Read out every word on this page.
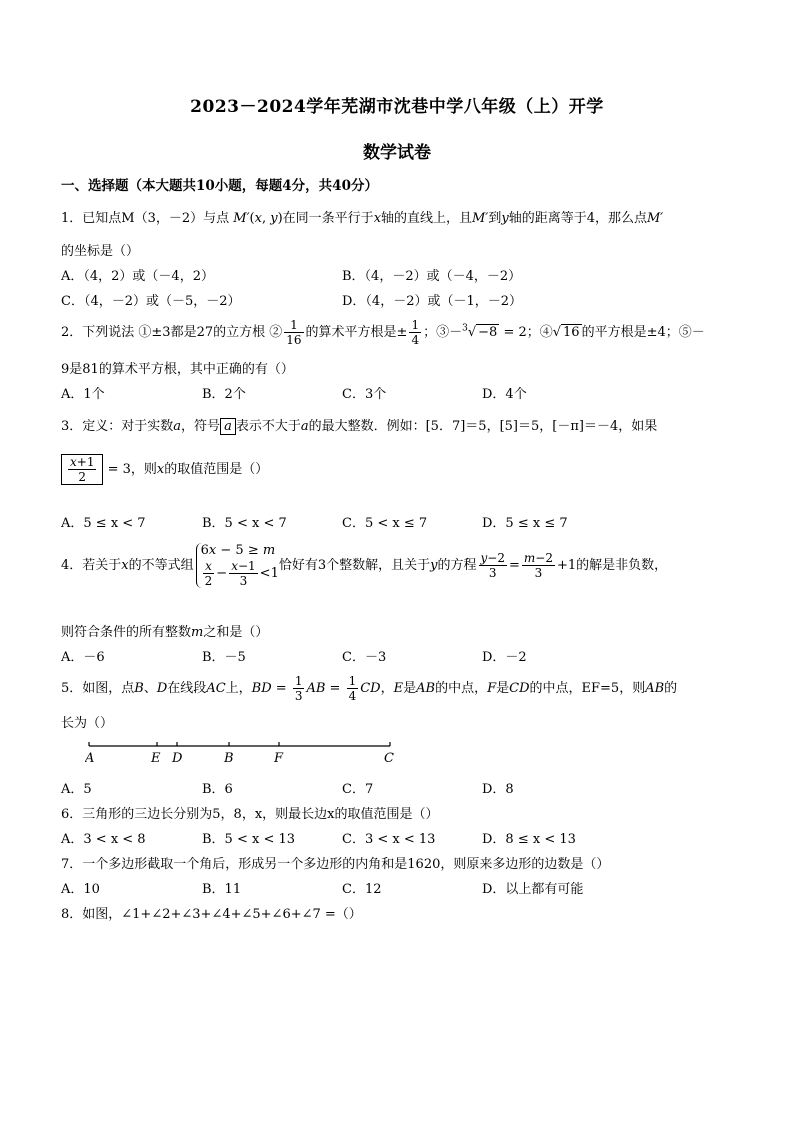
2023－2024学年芜湖市沈巷中学八年级（上）开学
数学试卷
一、选择题（本大题共10小题，每题4分，共40分）
1．已知点M（3，－2）与点 M′(x, y)在同一条平行于x轴的直线上，且M′到y轴的距离等于4，那么点M′
的坐标是（）
A．（4，2）或（－4，2）	B．（4，－2）或（－4，－2）
C．（4，－2）或（－5，－2）	D．（4，－2）或（－1，－2）
2．下列说法 ①±3都是27的立方根 ② $\frac{1}{16}$ 的算术平方根是± $\frac{1}{4}$ ；③－$^3$√ −8 = 2；④√ 16 的平方根是±4；⑤－
9是81的算术平方根，其中正确的有（）
A．1个	B．2个	C．3个	D．4个
3．定义：对于实数a，符号 a 表示不大于a的最大整数．例如：[5．7]＝5，[5]＝5，[－π]＝－4，如果
$\frac{x+1}{2} = 3$，则x的取值范围是（）
A．5 ≤ x < 7	B．5 < x < 7	C．5 < x ≤ 7	D．5 ≤ x ≤ 7
4．若关于x的不等式组
6x − 5 ≥ m
$\frac{x}{2} - \frac{x-1}{3} <1$
恰好有3个整数解，且关于y的方程 $\frac{y-2}{3} = \frac{m-2}{3} +1$的解是非负数，
则符合条件的所有整数m之和是（）
A．－6	B．－5	C．－3	D．－2
5．如图，点B、D在线段AC上，BD = $\frac{1}{3}$ AB = $\frac{1}{4}$ CD，E是AB的中点，F是CD的中点，EF=5，则AB的
长为（）
A	E D	B	F	C
A．5	B．6	C．7	D．8
6．三角形的三边长分别为5，8，x，则最长边x的取值范围是（）
A．3 < x < 8	B．5 < x < 13	C．3 < x < 13	D．8 ≤ x < 13
7．一个多边形截取一个角后，形成另一个多边形的内角和是1620，则原来多边形的边数是（）
A．10	B．11	C．12	D．以上都有可能
8．如图，∠1+∠2+∠3+∠4+∠5+∠6+∠7 =（）
